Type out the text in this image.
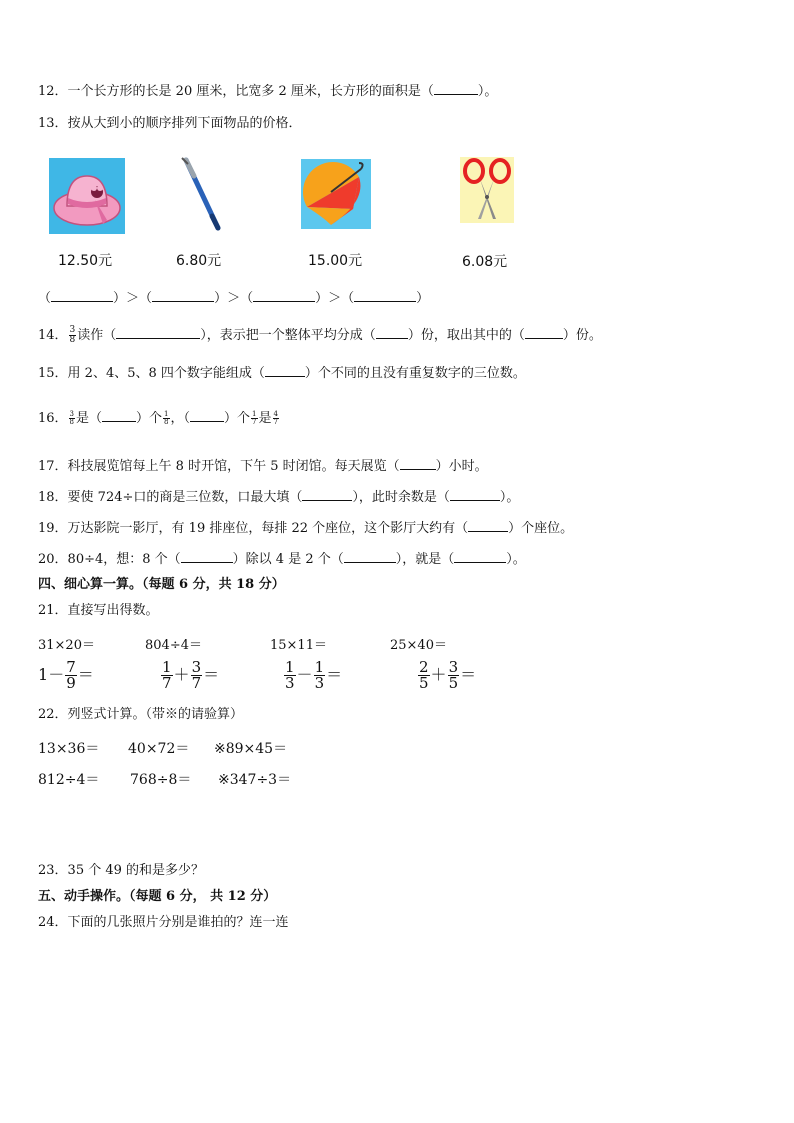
12．一个长方形的长是 20 厘米，比宽多 2 厘米，长方形的面积是（	）。
13．按从大到小的顺序排列下面物品的价格．
12.50元	6.80元	15.00元	6.08元
（	）＞（	）＞（	）＞（	）
14． $\frac{3}{8}$ 读作（	），表示把一个整体平均分成（ ）份，取出其中的（	）份。
15．用 2、4、5、8 四个数字能组成（	）个不同的且没有重复数字的三位数。
16． $\frac{3}{8}$ 是（	）个 $\frac{1}{8}$ ，（	）个 $\frac{1}{7}$ 是 $\frac{4}{7}$
17．科技展览馆每上午 8 时开馆，下午 5 时闭馆。每天展览（	）小时。
18．要使 724÷口的商是三位数，口最大填（	），此时余数是（	）。
19．万达影院一影厅，有 19 排座位，每排 22 个座位，这个影厅大约有（	）个座位。
20．80÷4，想：8 个（	）除以 4 是 2 个（	），就是（	）。
四、细心算一算。（每题 6 分，共 18 分）
21．直接写出得数。
31×20＝	804÷4＝	15×11＝	25×40＝
$1- \frac{7}{9}$ ＝	$\frac{1}{7} + \frac{3}{7}$ ＝	$\frac{1}{3} - \frac{1}{3}$ ＝	$\frac{2}{5} + \frac{3}{5}$ ＝
22．列竖式计算。（带※的请验算）
13×36＝ 40×72＝ ※89×45＝
812÷4＝ 768÷8＝ ※347÷3＝
23．35 个 49 的和是多少？
五、动手操作。（每题 6 分， 共 12 分）
24．下面的几张照片分别是谁拍的？连一连
